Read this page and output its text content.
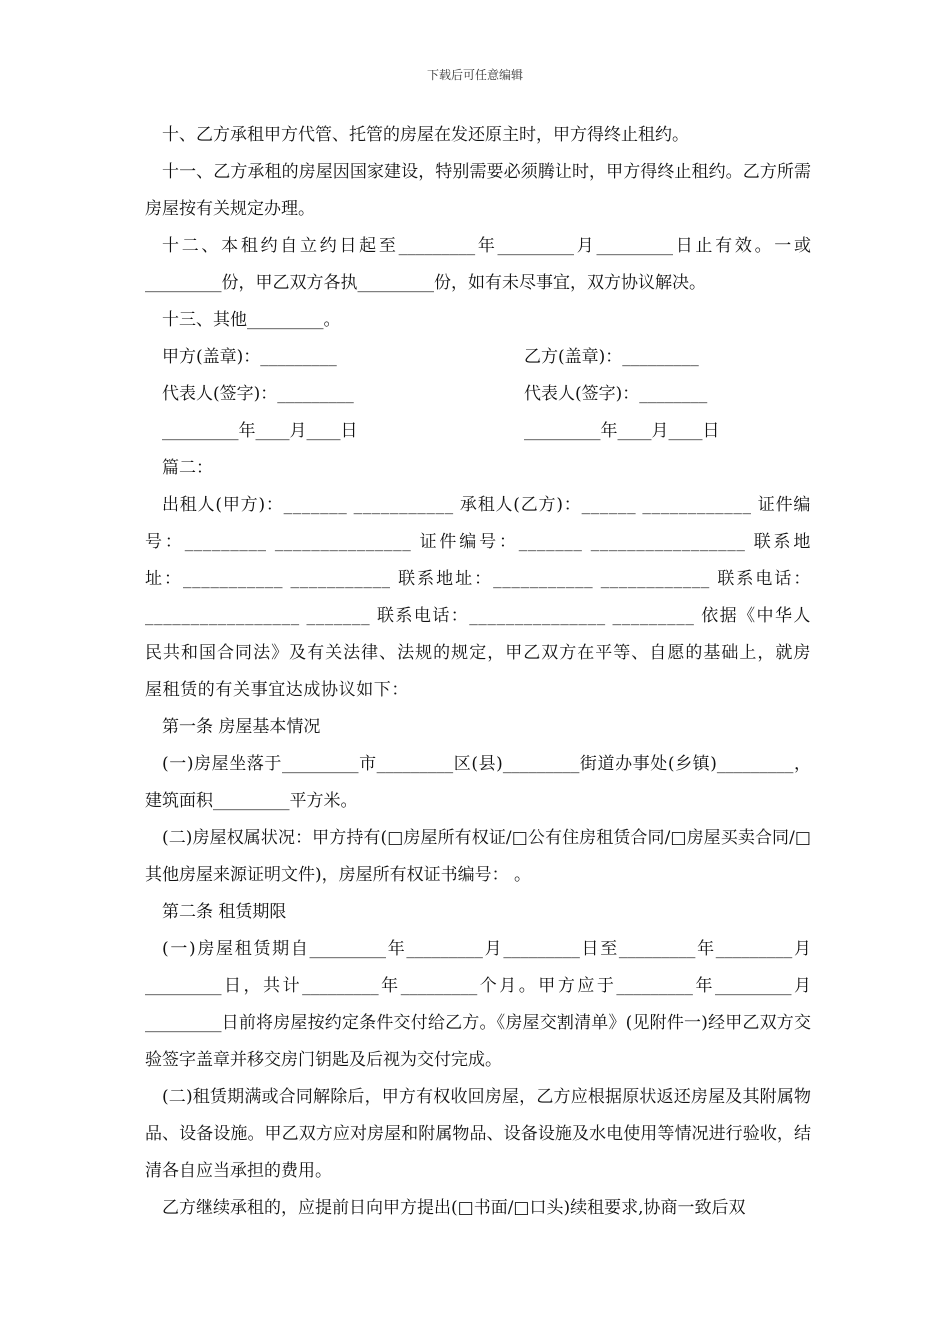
下载后可任意编辑

十、乙方承租甲方代管、托管的房屋在发还原主时，甲方得终止租约。

十一、乙方承租的房屋因国家建设，特别需要必须腾让时，甲方得终止租约。乙方所需房屋按有关规定办理。

十二、本租约自立约日起至_________年_________月_________日止有效。一或_________份，甲乙双方各执_________份，如有未尽事宜，双方协议解决。

十三、其他_________。

甲方(盖章)：_________	乙方(盖章)：_________
代表人(签字)：_________	代表人(签字)：________
_________年____月____日	_________年____月____日

篇二：

出租人(甲方)：_______ ___________ 承租人(乙方)：______ ____________ 证件编号：_________ _______________ 证件编号：_______ _________________ 联系地址：___________ ___________ 联系地址：___________ ____________ 联系电话：_________________ _______ 联系电话：_______________ _________ 依据《中华人民共和国合同法》及有关法律、法规的规定，甲乙双方在平等、自愿的基础上，就房屋租赁的有关事宜达成协议如下：

第一条 房屋基本情况

(一)房屋坐落于_________市_________区(县)_________街道办事处(乡镇)_________，建筑面积_________平方米。

(二)房屋权属状况：甲方持有(□房屋所有权证/□公有住房租赁合同/□房屋买卖合同/□其他房屋来源证明文件)，房屋所有权证书编号： 。

第二条 租赁期限

(一)房屋租赁期自_________年_________月_________日至_________年_________月_________日，共计_________年_________个月。甲方应于_________年_________月_________日前将房屋按约定条件交付给乙方。《房屋交割清单》(见附件一)经甲乙双方交验签字盖章并移交房门钥匙及后视为交付完成。

(二)租赁期满或合同解除后，甲方有权收回房屋，乙方应根据原状返还房屋及其附属物品、设备设施。甲乙双方应对房屋和附属物品、设备设施及水电使用等情况进行验收，结清各自应当承担的费用。

乙方继续承租的，应提前日向甲方提出(□书面/□口头)续租要求,协商一致后双
